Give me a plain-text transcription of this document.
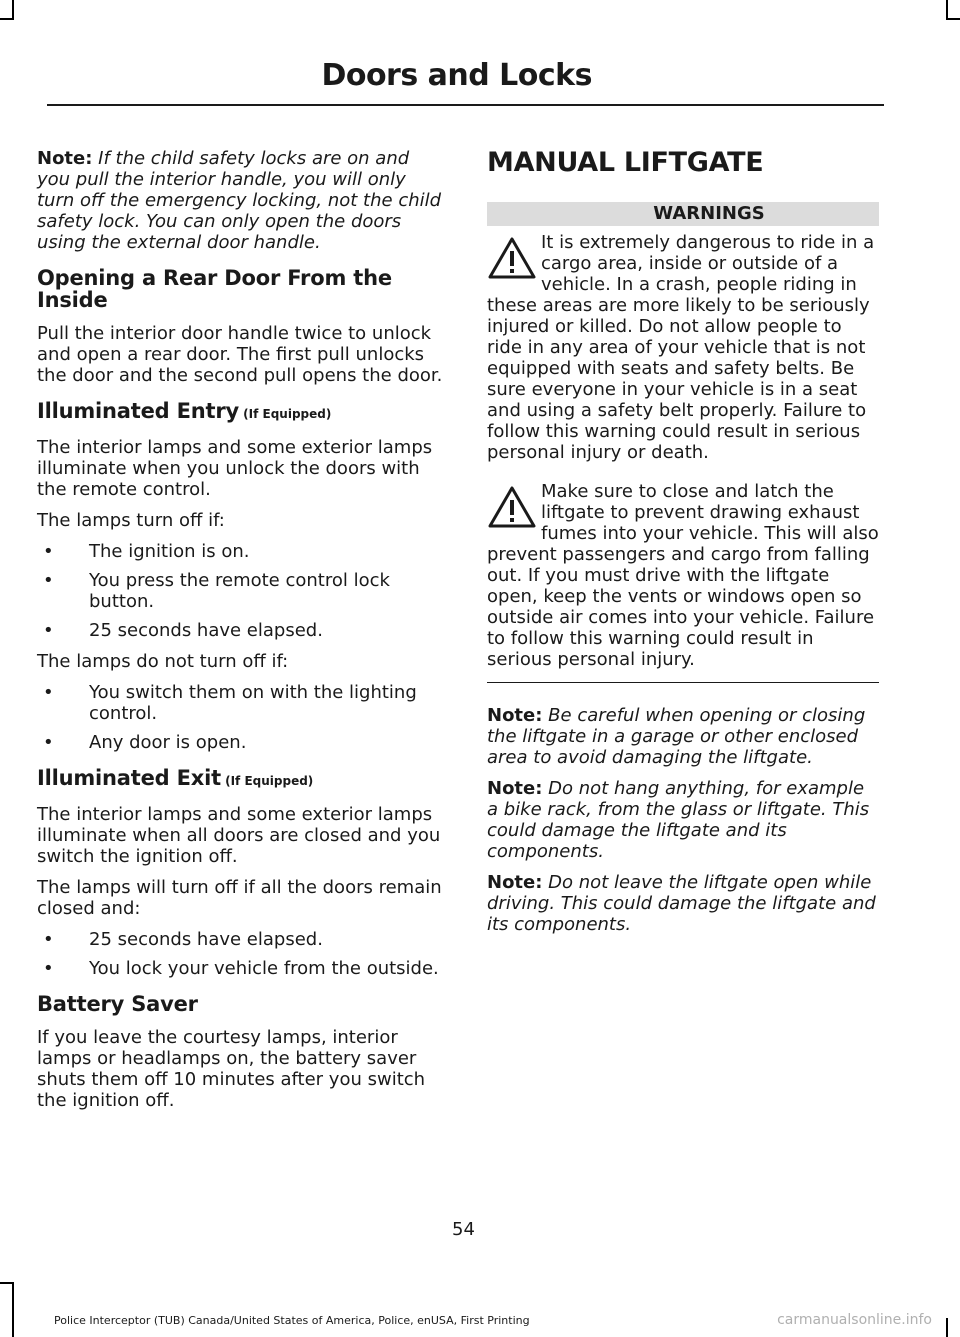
Doors and Locks

Note: If the child safety locks are on and you pull the interior handle, you will only turn off the emergency locking, not the child safety lock. You can only open the doors using the external door handle.

Opening a Rear Door From the Inside

Pull the interior door handle twice to unlock and open a rear door. The first pull unlocks the door and the second pull opens the door.

Illuminated Entry (If Equipped)

The interior lamps and some exterior lamps illuminate when you unlock the doors with the remote control.

The lamps turn off if:

• The ignition is on.
• You press the remote control lock button.
• 25 seconds have elapsed.

The lamps do not turn off if:

• You switch them on with the lighting control.
• Any door is open.
Illuminated Exit (If Equipped)

The interior lamps and some exterior lamps illuminate when all doors are closed and you switch the ignition off.

The lamps will turn off if all the doors remain closed and:

• 25 seconds have elapsed.
• You lock your vehicle from the outside.
Battery Saver

If you leave the courtesy lamps, interior lamps or headlamps on, the battery saver shuts them off 10 minutes after you switch the ignition off.

MANUAL LIFTGATE
WARNINGS
It is extremely dangerous to ride in a cargo area, inside or outside of a vehicle. In a crash, people riding in these areas are more likely to be seriously injured or killed. Do not allow people to ride in any area of your vehicle that is not equipped with seats and safety belts. Be sure everyone in your vehicle is in a seat and using a safety belt properly. Failure to follow this warning could result in serious personal injury or death.
Make sure to close and latch the liftgate to prevent drawing exhaust fumes into your vehicle. This will also prevent passengers and cargo from falling out. If you must drive with the liftgate open, keep the vents or windows open so outside air comes into your vehicle. Failure to follow this warning could result in serious personal injury.

Note: Be careful when opening or closing the liftgate in a garage or other enclosed area to avoid damaging the liftgate.

Note: Do not hang anything, for example a bike rack, from the glass or liftgate. This could damage the liftgate and its components.

Note: Do not leave the liftgate open while driving. This could damage the liftgate and its components.

54
Police Interceptor (TUB) Canada/United States of America, Police, enUSA, First Printing	carmanualsonline.info
